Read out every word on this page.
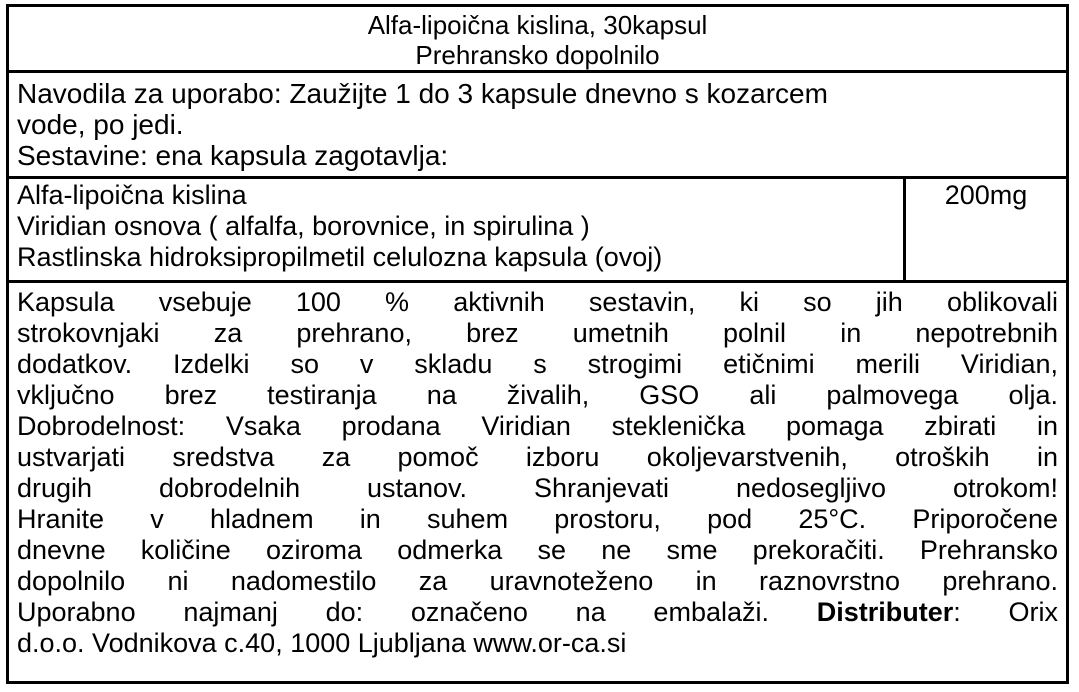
Alfa-lipoična kislina, 30kapsul
Prehransko dopolnilo
Navodila za uporabo: Zaužijte 1 do 3 kapsule dnevno s kozarcem
vode, po jedi.
Sestavine: ena kapsula zagotavlja:
Alfa-lipoična kislina
Viridian osnova ( alfalfa, borovnice, in spirulina )
Rastlinska hidroksipropilmetil celulozna kapsula (ovoj)
200mg
Kapsula vsebuje 100 % aktivnih sestavin, ki so jih oblikovali
strokovnjaki za prehrano, brez umetnih polnil in nepotrebnih
dodatkov. Izdelki so v skladu s strogimi etičnimi merili Viridian,
vključno brez testiranja na živalih, GSO ali palmovega olja.
Dobrodelnost: Vsaka prodana Viridian steklenička pomaga zbirati in
ustvarjati sredstva za pomoč izboru okoljevarstvenih, otroških in
drugih dobrodelnih ustanov. Shranjevati nedosegljivo otrokom!
Hranite v hladnem in suhem prostoru, pod 25°C. Priporočene
dnevne količine oziroma odmerka se ne sme prekoračiti. Prehransko
dopolnilo ni nadomestilo za uravnoteženo in raznovrstno prehrano.
Uporabno najmanj do: označeno na embalaži. Distributer: Orix
d.o.o. Vodnikova c.40, 1000 Ljubljana www.or-ca.si
